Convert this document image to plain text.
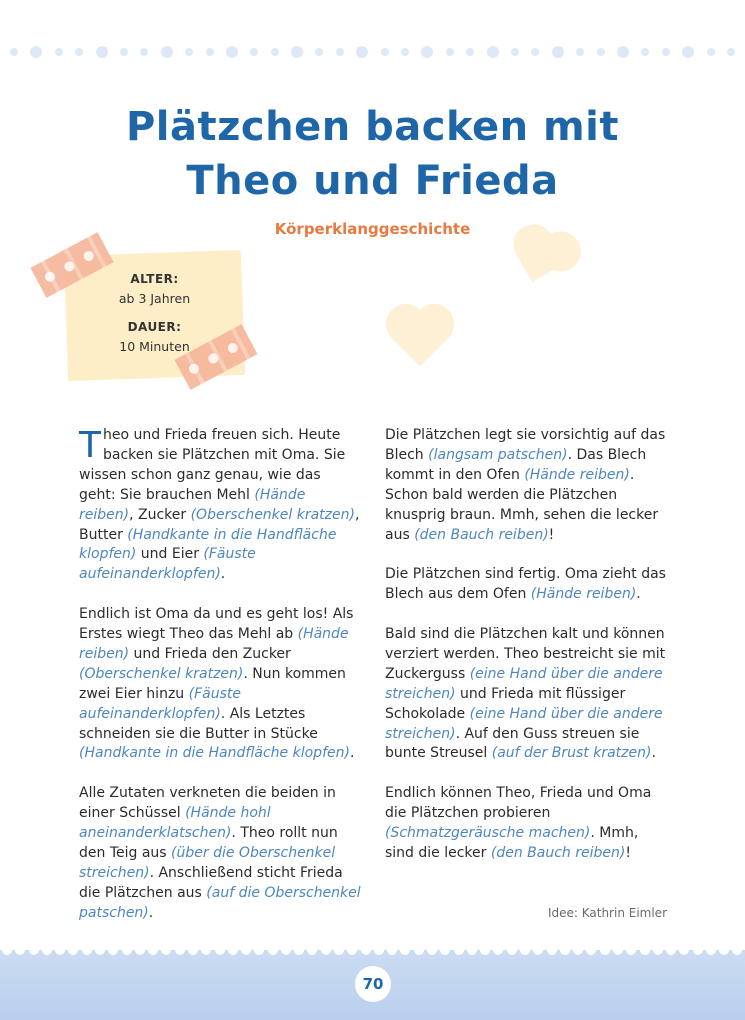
Plätzchen backen mit
Theo und Frieda
Körperklanggeschichte
ALTER:
ab 3 Jahren
DAUER:
10 Minuten

Theo und Frieda freuen sich. Heute backen sie Plätzchen mit Oma. Sie wissen schon ganz genau, wie das geht: Sie brauchen Mehl (Hände reiben), Zucker (Oberschenkel kratzen), Butter (Handkante in die Handfläche klopfen) und Eier (Fäuste aufeinanderklopfen).

Endlich ist Oma da und es geht los! Als Erstes wiegt Theo das Mehl ab (Hände reiben) und Frieda den Zucker (Oberschenkel kratzen). Nun kommen zwei Eier hinzu (Fäuste aufeinanderklopfen). Als Letztes schneiden sie die Butter in Stücke (Handkante in die Handfläche klopfen).

Alle Zutaten verkneten die beiden in einer Schüssel (Hände hohl aneinanderklatschen). Theo rollt nun den Teig aus (über die Oberschenkel streichen). Anschließend sticht Frieda die Plätzchen aus (auf die Oberschenkel patschen).

Die Plätzchen legt sie vorsichtig auf das Blech (langsam patschen). Das Blech kommt in den Ofen (Hände reiben). Schon bald werden die Plätzchen knusprig braun. Mmh, sehen die lecker aus (den Bauch reiben)!

Die Plätzchen sind fertig. Oma zieht das Blech aus dem Ofen (Hände reiben).

Bald sind die Plätzchen kalt und können verziert werden. Theo bestreicht sie mit Zuckerguss (eine Hand über die andere streichen) und Frieda mit flüssiger Schokolade (eine Hand über die andere streichen). Auf den Guss streuen sie bunte Streusel (auf der Brust kratzen).

Endlich können Theo, Frieda und Oma die Plätzchen probieren (Schmatzgeräusche machen). Mmh, sind die lecker (den Bauch reiben)!

Idee: Kathrin Eimler
70
